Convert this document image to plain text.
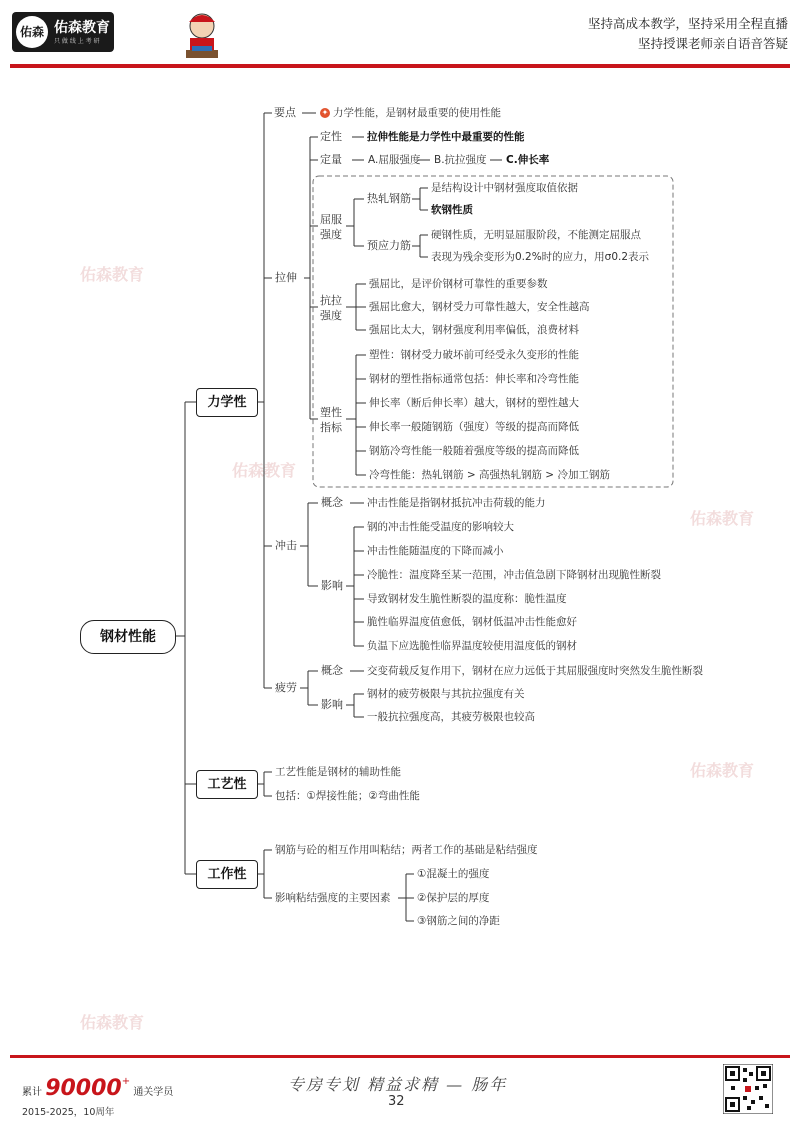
佑森 佑森教育
只 做 线 上 考 研
坚持高成本教学，坚持采用全程直播
坚持授课老师亲自语音答疑
佑森教育
佑森教育
佑森教育
佑森教育
佑森教育
钢材性能
力学性
工艺性
工作性
要点	✦ 力学性能，是钢材最重要的使用性能
拉伸
定性 拉伸性能是力学性中最重要的性能
定量 A.屈服强度 B.抗拉强度 C.伸长率
屈服
强度
热轧钢筋
是结构设计中钢材强度取值依据
软钢性质
预应力筋
硬钢性质，无明显屈服阶段，不能测定屈服点
表现为残余变形为0.2%时的应力，用σ0.2表示
抗拉
强度
强屈比，是评价钢材可靠性的重要参数
强屈比愈大，钢材受力可靠性越大，安全性越高
强屈比太大，钢材强度利用率偏低，浪费材料
塑性
指标
塑性：钢材受力破坏前可经受永久变形的性能
钢材的塑性指标通常包括：伸长率和冷弯性能
伸长率（断后伸长率）越大，钢材的塑性越大
伸长率一般随钢筋（强度）等级的提高而降低
钢筋冷弯性能一般随着强度等级的提高而降低
冷弯性能：热轧钢筋 > 高强热轧钢筋 > 冷加工钢筋
冲击
概念 冲击性能是指钢材抵抗冲击荷载的能力
影响
钢的冲击性能受温度的影响较大
冲击性能随温度的下降而减小
冷脆性：温度降至某一范围，冲击值急剧下降钢材出现脆性断裂
导致钢材发生脆性断裂的温度称：脆性温度
脆性临界温度值愈低，钢材低温冲击性能愈好
负温下应选脆性临界温度较使用温度低的钢材
疲劳
概念 交变荷载反复作用下，钢材在应力远低于其屈服强度时突然发生脆性断裂
影响
钢材的疲劳极限与其抗拉强度有关
一般抗拉强度高，其疲劳极限也较高
工艺性能是钢材的辅助性能
包括：①焊接性能；②弯曲性能
钢筋与砼的相互作用叫粘结；两者工作的基础是粘结强度
影响粘结强度的主要因素
①混凝土的强度
②保护层的厚度
③钢筋之间的净距
累计 90000+ 通关学员
2015-2025，10周年
专房专划 精益求精 — 肠年
32
